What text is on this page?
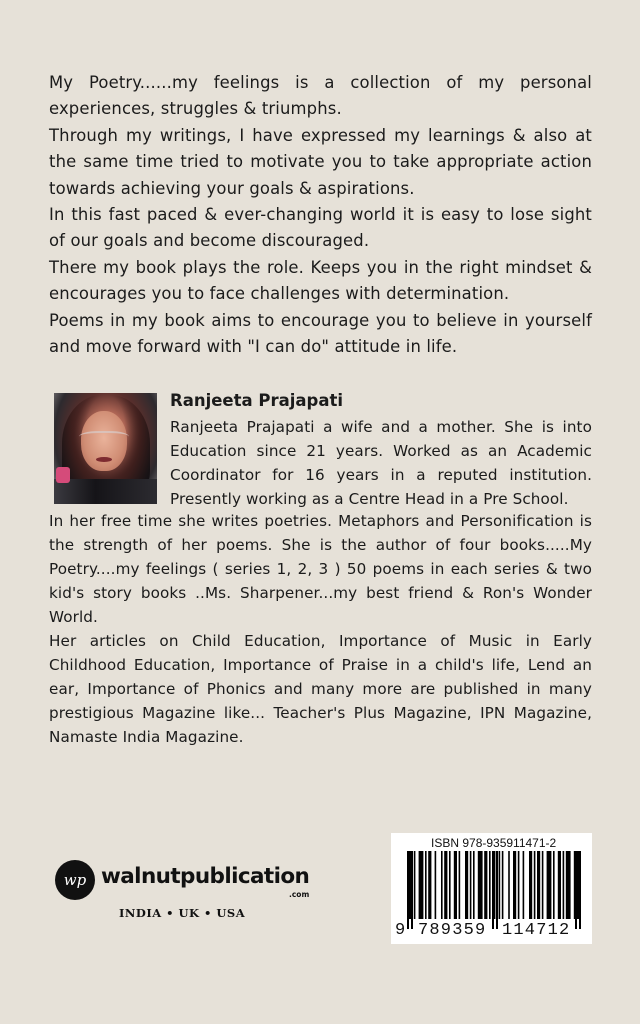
My Poetry......my feelings is a collection of my personal experiences, struggles & triumphs.

Through my writings, I have expressed my learnings & also at the same time tried to motivate you to take appropriate action towards achieving your goals & aspirations.

In this fast paced & ever-changing world it is easy to lose sight of our goals and become discouraged.

There my book plays the role. Keeps you in the right mindset & encourages you to face challenges with determination.

Poems in my book aims to encourage you to believe in yourself and move forward with "I can do" attitude in life.

Ranjeeta Prajapati

Ranjeeta Prajapati a wife and a mother. She is into Education since 21 years. Worked as an Academic Coordinator for 16 years in a reputed institution. Presently working as a Centre Head in a Pre School.

In her free time she writes poetries. Metaphors and Personification is the strength of her poems. She is the author of four books.....My Poetry....my feelings ( series 1, 2, 3 ) 50 poems in each series & two kid's story books ..Ms. Sharpener...my best friend & Ron's Wonder World.

Her articles on Child Education, Importance of Music in Early Childhood Education, Importance of Praise in a child's life, Lend an ear, Importance of Phonics and many more are published in many prestigious Magazine like... Teacher's Plus Magazine, IPN Magazine, Namaste India Magazine.

wp walnutpublication
.com
INDIA • UK • USA
ISBN 978-935911471-2
9 789359 114712
